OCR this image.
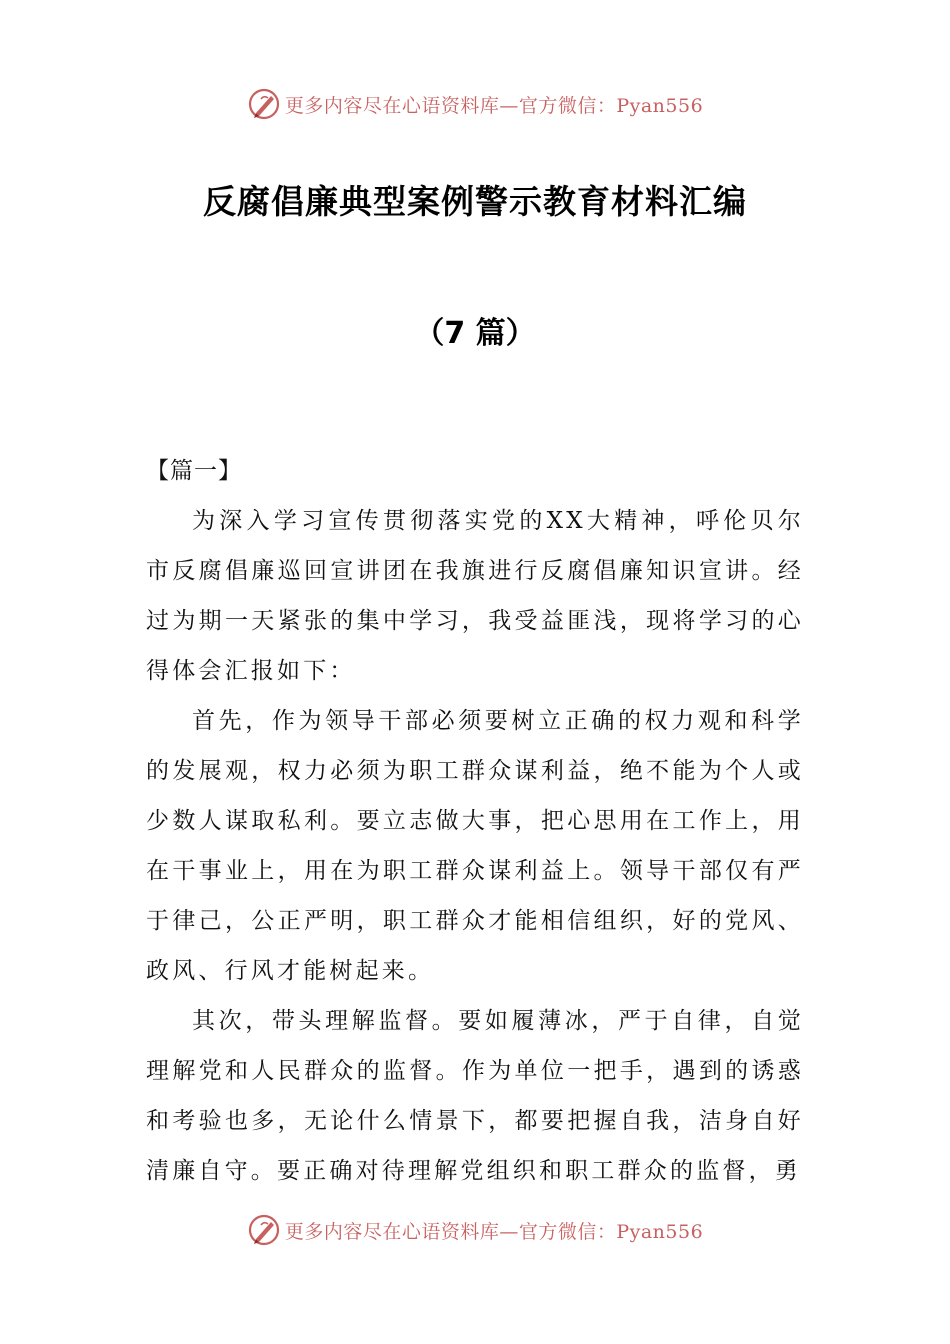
更多内容尽在心语资料库—官方微信：Pyan556
反腐倡廉典型案例警示教育材料汇编
（7 篇）

【篇一】

为深入学习宣传贯彻落实党的XX大精神，呼伦贝尔市反腐倡廉巡回宣讲团在我旗进行反腐倡廉知识宣讲。经过为期一天紧张的集中学习，我受益匪浅，现将学习的心得体会汇报如下：

首先，作为领导干部必须要树立正确的权力观和科学的发展观，权力必须为职工群众谋利益，绝不能为个人或少数人谋取私利。要立志做大事，把心思用在工作上，用在干事业上，用在为职工群众谋利益上。领导干部仅有严于律己，公正严明，职工群众才能相信组织，好的党风、政风、行风才能树起来。

其次，带头理解监督。要如履薄冰，严于自律，自觉理解党和人民群众的监督。作为单位一把手，遇到的诱惑和考验也多，无论什么情景下，都要把握自我，洁身自好清廉自守。要正确对待理解党组织和职工群众的监督，勇

更多内容尽在心语资料库—官方微信：Pyan556
